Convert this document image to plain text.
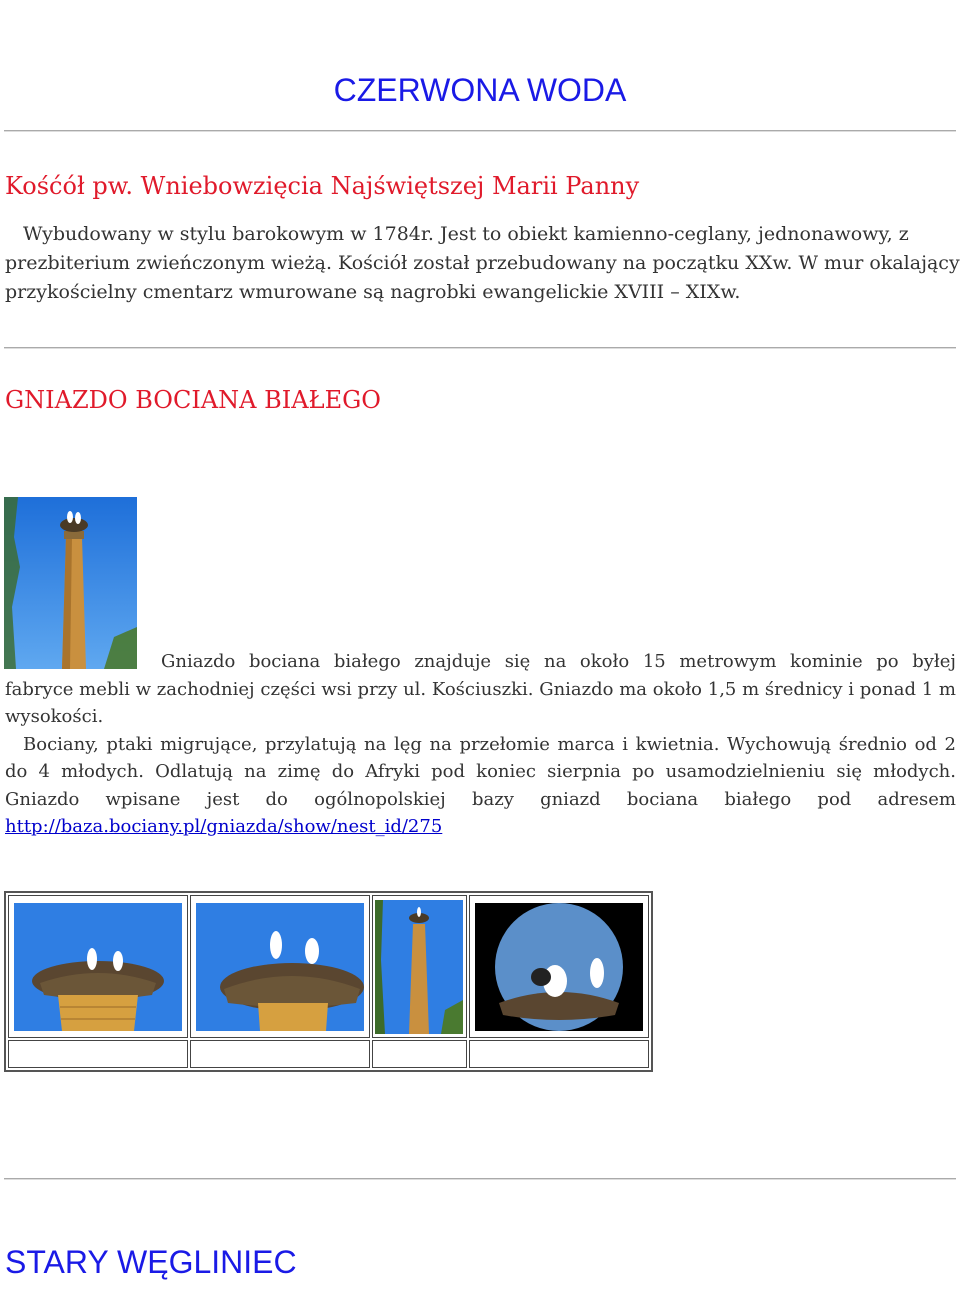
CZERWONA WODA
Kośćół pw. Wniebowzięcia Najświętszej Marii Panny
Wybudowany w stylu barokowym w 1784r. Jest to obiekt kamienno-ceglany, jednonawowy, z
prezbiterium zwieńczonym wieżą. Kościół został przebudowany na początku XXw. W mur okalający
przykościelny cmentarz wmurowane są nagrobki ewangelickie XVIII – XIXw.
GNIAZDO BOCIANA BIAŁEGO

Gniazdo bociana białego znajduje się na około 15 metrowym kominie po byłej

fabryce mebli w zachodniej części wsi przy ul. Kościuszki. Gniazdo ma około 1,5 m średnicy i ponad 1 m wysokości.

Bociany, ptaki migrujące, przylatują na lęg na przełomie marca i kwietnia. Wychowują średnio od 2 do 4 młodych. Odlatują na zimę do Afryki pod koniec sierpnia po usamodzielnieniu się młodych. Gniazdo wpisane jest do ogólnopolskiej bazy gniazd bociana białego pod adresem http://baza.bociany.pl/gniazda/show/nest_id/275

STARY WĘGLINIEC
